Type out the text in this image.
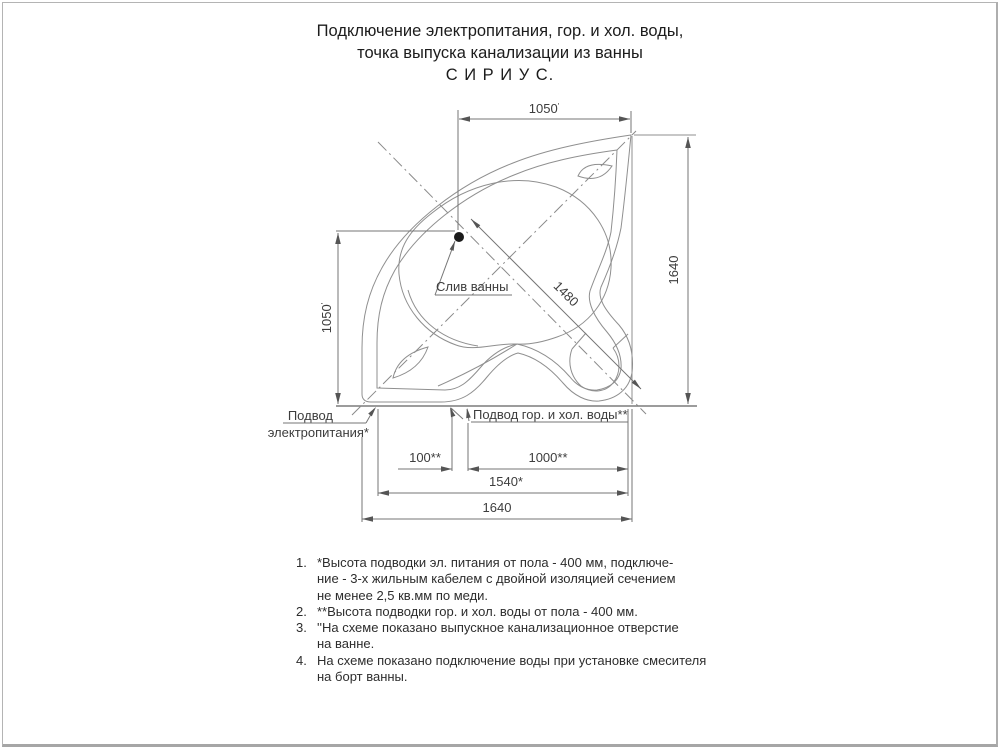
Подключение электропитания, гор. и хол. воды,
точка выпуска канализации из ванны
С И Р И У С.
1050'
1050'
1640
1480
100**	1000**
1540*
1640
Слив ванны
Подвод
электропитания*
Подвод гор. и хол. воды**
1. *Высота подводки эл. питания от пола - 400 мм, подключе-
ние - 3-х жильным кабелем с двойной изоляцией сечением
не менее 2,5 кв.мм по меди.
2. **Высота подводки гор. и хол. воды от пола - 400 мм.
3. ''На схеме показано выпускное канализационное отверстие
на ванне.
4. На схеме показано подключение воды при установке смесителя
на борт ванны.
